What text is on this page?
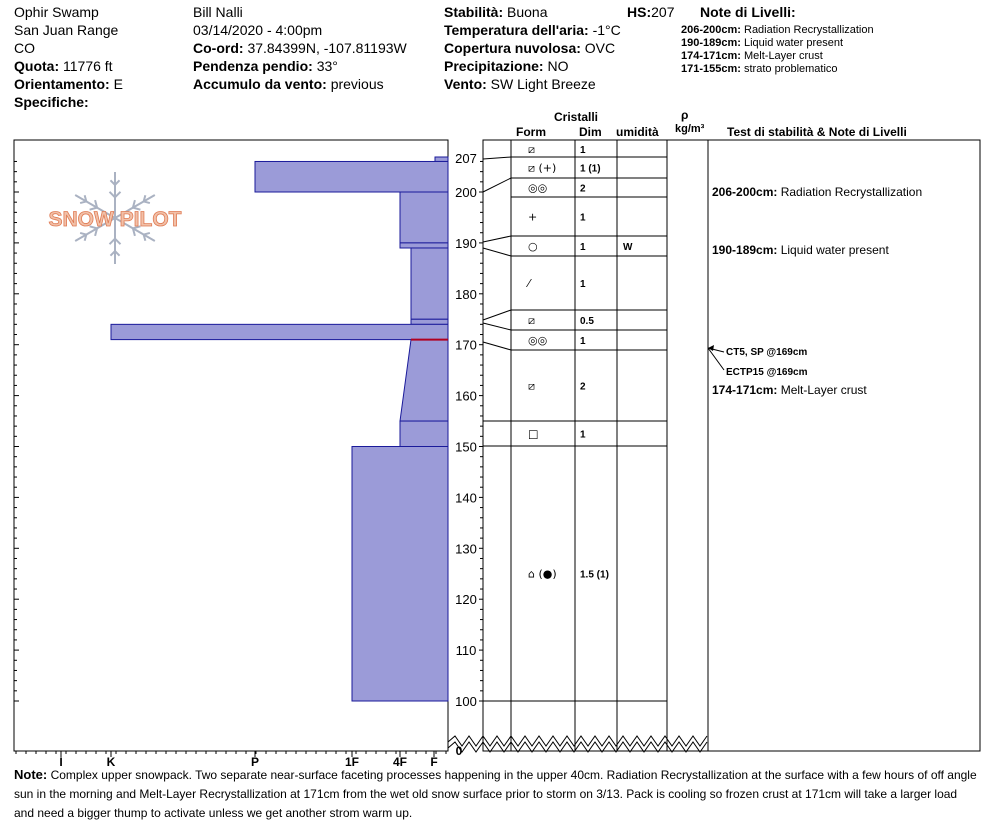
Ophir Swamp
San Juan Range
CO
Quota: 11776 ft
Orientamento: E
Specifiche:
Bill Nalli
03/14/2020 - 4:00pm
Co-ord: 37.84399N, -107.81193W
Pendenza pendio: 33°
Accumulo da vento: previous
Stabilità: Buona	HS:207
Temperatura dell'aria: -1°C
Copertura nuvolosa: OVC
Precipitazione: NO
Vento: SW Light Breeze
Note di Livelli:
206-200cm: Radiation Recrystallization
190-189cm: Liquid water present
174-171cm: Melt-Layer crust
171-155cm: strato problematico
Cristalli
Form	Dim umidità
ρ
kg/m³ Test di stabilità & Note di Livelli
SNOW PILOT
I	K	P	1F	4F F
100
110
120
130
140
150
160
170
180
190
200
207
⧄	1
⧄ (+) 1 (1)
◎◎	2
+	1
○	1	W
⁄	1
⧄	0.5
◎◎	1
⧄	2
□	1
⌂ (●) 1.5 (1)
206-200cm: Radiation Recrystallization
190-189cm: Liquid water present
174-171cm: Melt-Layer crust
CT5, SP @169cm
ECTP15 @169cm
0
Note: Complex upper snowpack. Two separate near-surface faceting processes happening in the upper 40cm. Radiation Recrystallization at the surface with a few hours of off angle sun in the morning and Melt-Layer Recrystallization at 171cm from the wet old snow surface prior to storm on 3/13. Pack is cooling so frozen crust at 171cm will take a larger load and need a bigger thump to activate unless we get another strom warm up.
